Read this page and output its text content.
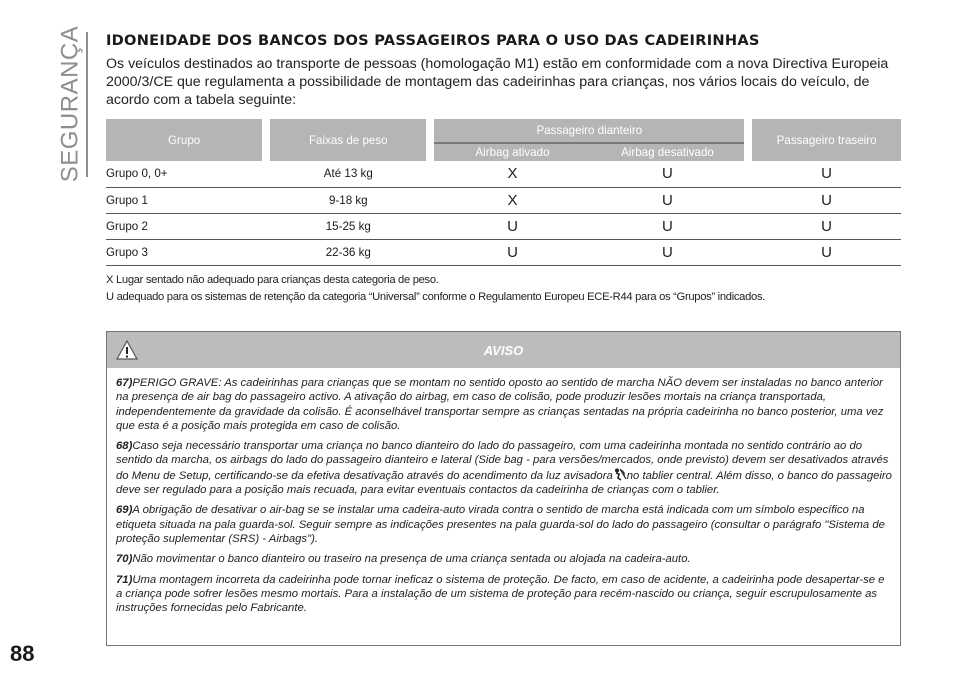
SEGURANÇA IDONEIDADE DOS BANCOS DOS PASSAGEIROS PARA O USO DAS CADEIRINHAS

Os veículos destinados ao transporte de pessoas (homologação M1) estão em conformidade com a nova Directiva Europeia 2000/3/CE que regulamenta a possibilidade de montagem das cadeirinhas para crianças, nos vários locais do veículo, de acordo com a tabela seguinte:

Grupo		Faixas de peso		Passageiro dianteiro			Passageiro traseiro
				Airbag ativado	Airbag desativado		
Grupo 0, 0+		Até 13 kg		X	U		U
Grupo 1		9-18 kg		X	U		U
Grupo 2		15-25 kg		U	U		U
Grupo 3		22-36 kg		U	U		U
X Lugar sentado não adequado para crianças desta categoria de peso.
U adequado para os sistemas de retenção da categoria “Universal” conforme o Regulamento Europeu ECE-R44 para os “Grupos” indicados.
AVISO

67)PERIGO GRAVE: As cadeirinhas para crianças que se montam no sentido oposto ao sentido de marcha NÃO devem ser instaladas no banco anterior na presença de air bag do passageiro activo. A ativação do airbag, em caso de colisão, pode produzir lesões mortais na criança transportada, independentemente da gravidade da colisão. É aconselhável transportar sempre as crianças sentadas na própria cadeirinha no banco posterior, uma vez que esta é a posição mais protegida em caso de colisão.

68)Caso seja necessário transportar uma criança no banco dianteiro do lado do passageiro, com uma cadeirinha montada no sentido contrário ao do sentido da marcha, os airbags do lado do passageiro dianteiro e lateral (Side bag - para versões/mercados, onde previsto) devem ser desativados através do Menu de Setup, certificando-se da efetiva desativação através do acendimento da luz avisadora no tablier central. Além disso, o banco do passageiro deve ser regulado para a posição mais recuada, para evitar eventuais contactos da cadeirinha de crianças com o tablier.

69)A obrigação de desativar o air-bag se se instalar uma cadeira-auto virada contra o sentido de marcha está indicada com um símbolo específico na etiqueta situada na pala guarda-sol. Seguir sempre as indicações presentes na pala guarda-sol do lado do passageiro (consultar o parágrafo "Sistema de proteção suplementar (SRS) - Airbags").

70)Não movimentar o banco dianteiro ou traseiro na presença de uma criança sentada ou alojada na cadeira-auto.

71)Uma montagem incorreta da cadeirinha pode tornar ineficaz o sistema de proteção. De facto, em caso de acidente, a cadeirinha pode desapertar-se e a criança pode sofrer lesões mesmo mortais. Para a instalação de um sistema de proteção para recém-nascido ou criança, seguir escrupulosamente as instruções fornecidas pelo Fabricante.

88
